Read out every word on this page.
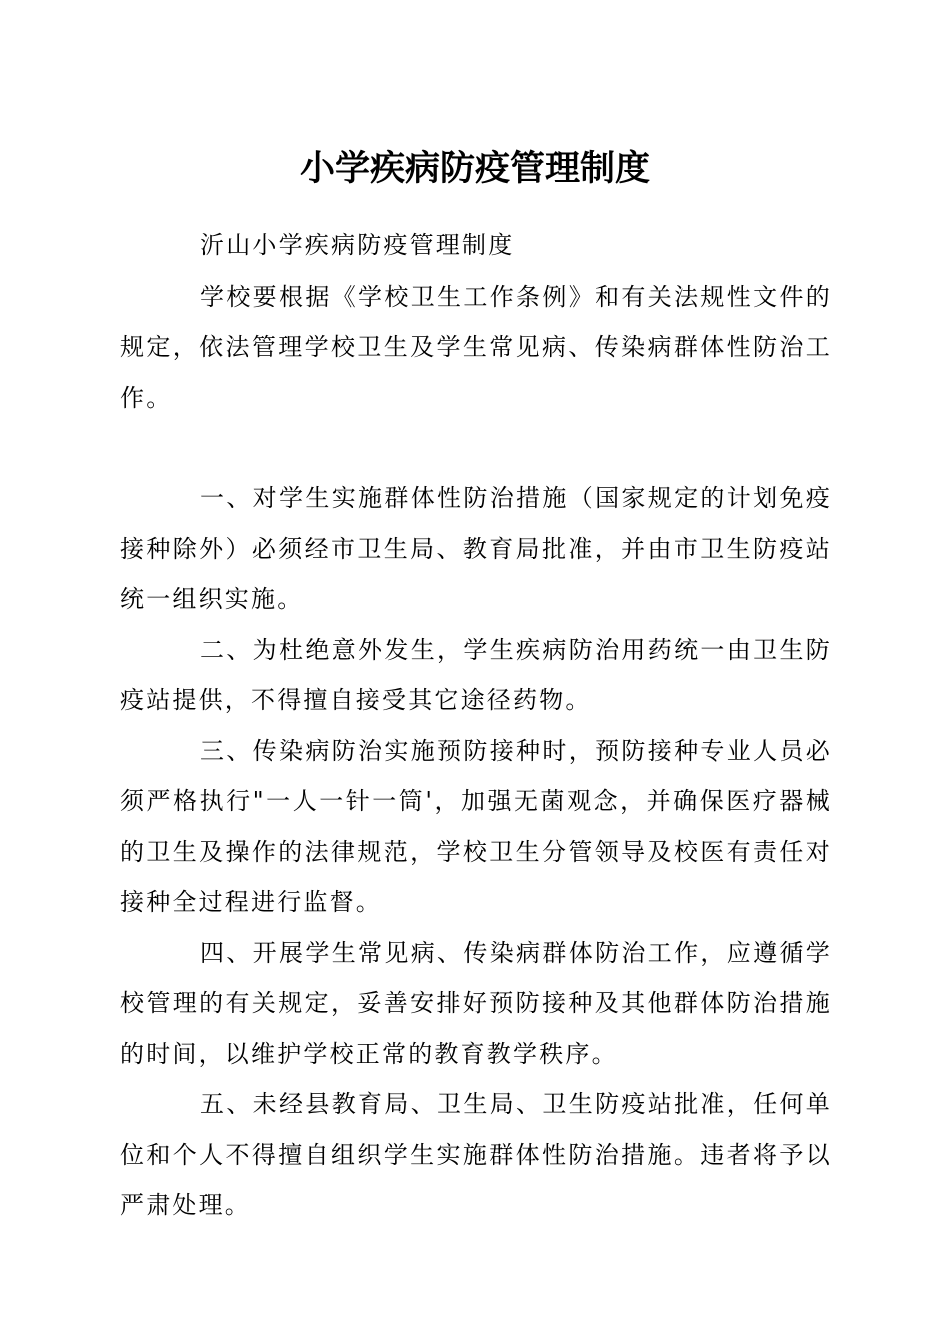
小学疾病防疫管理制度

沂山小学疾病防疫管理制度

学校要根据《学校卫生工作条例》和有关法规性文件的规定，依法管理学校卫生及学生常见病、传染病群体性防治工作。

一、对学生实施群体性防治措施（国家规定的计划免疫接种除外）必须经市卫生局、教育局批准，并由市卫生防疫站统一组织实施。

二、为杜绝意外发生，学生疾病防治用药统一由卫生防疫站提供，不得擅自接受其它途径药物。

三、传染病防治实施预防接种时，预防接种专业人员必须严格执行"一人一针一筒'，加强无菌观念，并确保医疗器械的卫生及操作的法律规范，学校卫生分管领导及校医有责任对接种全过程进行监督。

四、开展学生常见病、传染病群体防治工作，应遵循学校管理的有关规定，妥善安排好预防接种及其他群体防治措施的时间，以维护学校正常的教育教学秩序。

五、未经县教育局、卫生局、卫生防疫站批准，任何单位和个人不得擅自组织学生实施群体性防治措施。违者将予以严肃处理。
